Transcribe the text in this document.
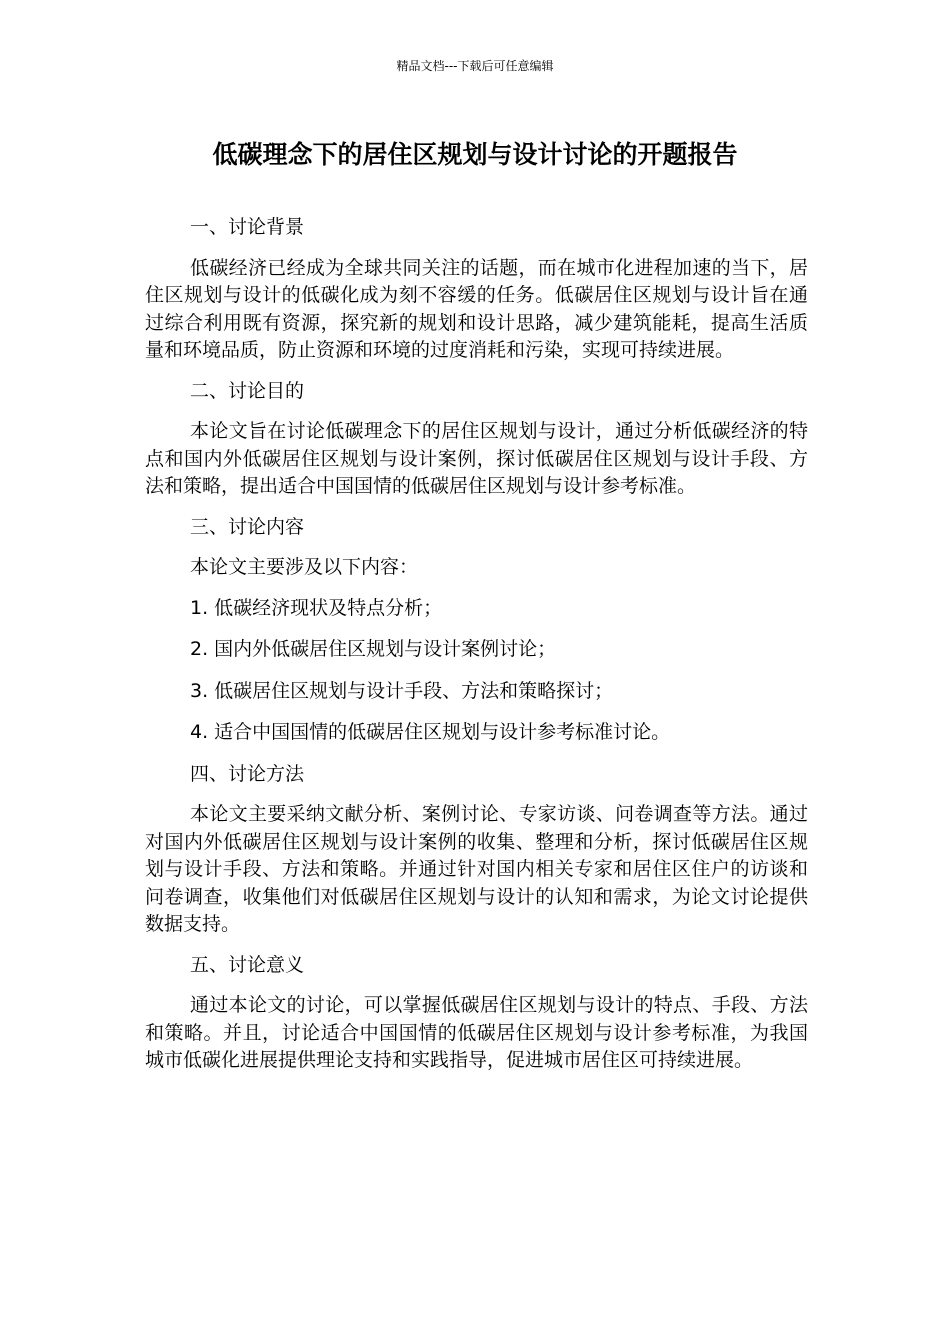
精品文档---下载后可任意编辑
低碳理念下的居住区规划与设计讨论的开题报告

一、讨论背景

低碳经济已经成为全球共同关注的话题，而在城市化进程加速的当下，居住区规划与设计的低碳化成为刻不容缓的任务。低碳居住区规划与设计旨在通过综合利用既有资源，探究新的规划和设计思路，减少建筑能耗，提高生活质量和环境品质，防止资源和环境的过度消耗和污染，实现可持续进展。

二、讨论目的

本论文旨在讨论低碳理念下的居住区规划与设计，通过分析低碳经济的特点和国内外低碳居住区规划与设计案例，探讨低碳居住区规划与设计手段、方法和策略，提出适合中国国情的低碳居住区规划与设计参考标准。

三、讨论内容

本论文主要涉及以下内容：

1. 低碳经济现状及特点分析；

2. 国内外低碳居住区规划与设计案例讨论；

3. 低碳居住区规划与设计手段、方法和策略探讨；

4. 适合中国国情的低碳居住区规划与设计参考标准讨论。

四、讨论方法

本论文主要采纳文献分析、案例讨论、专家访谈、问卷调查等方法。通过对国内外低碳居住区规划与设计案例的收集、整理和分析，探讨低碳居住区规划与设计手段、方法和策略。并通过针对国内相关专家和居住区住户的访谈和问卷调查，收集他们对低碳居住区规划与设计的认知和需求，为论文讨论提供数据支持。

五、讨论意义

通过本论文的讨论，可以掌握低碳居住区规划与设计的特点、手段、方法和策略。并且，讨论适合中国国情的低碳居住区规划与设计参考标准，为我国城市低碳化进展提供理论支持和实践指导，促进城市居住区可持续进展。
